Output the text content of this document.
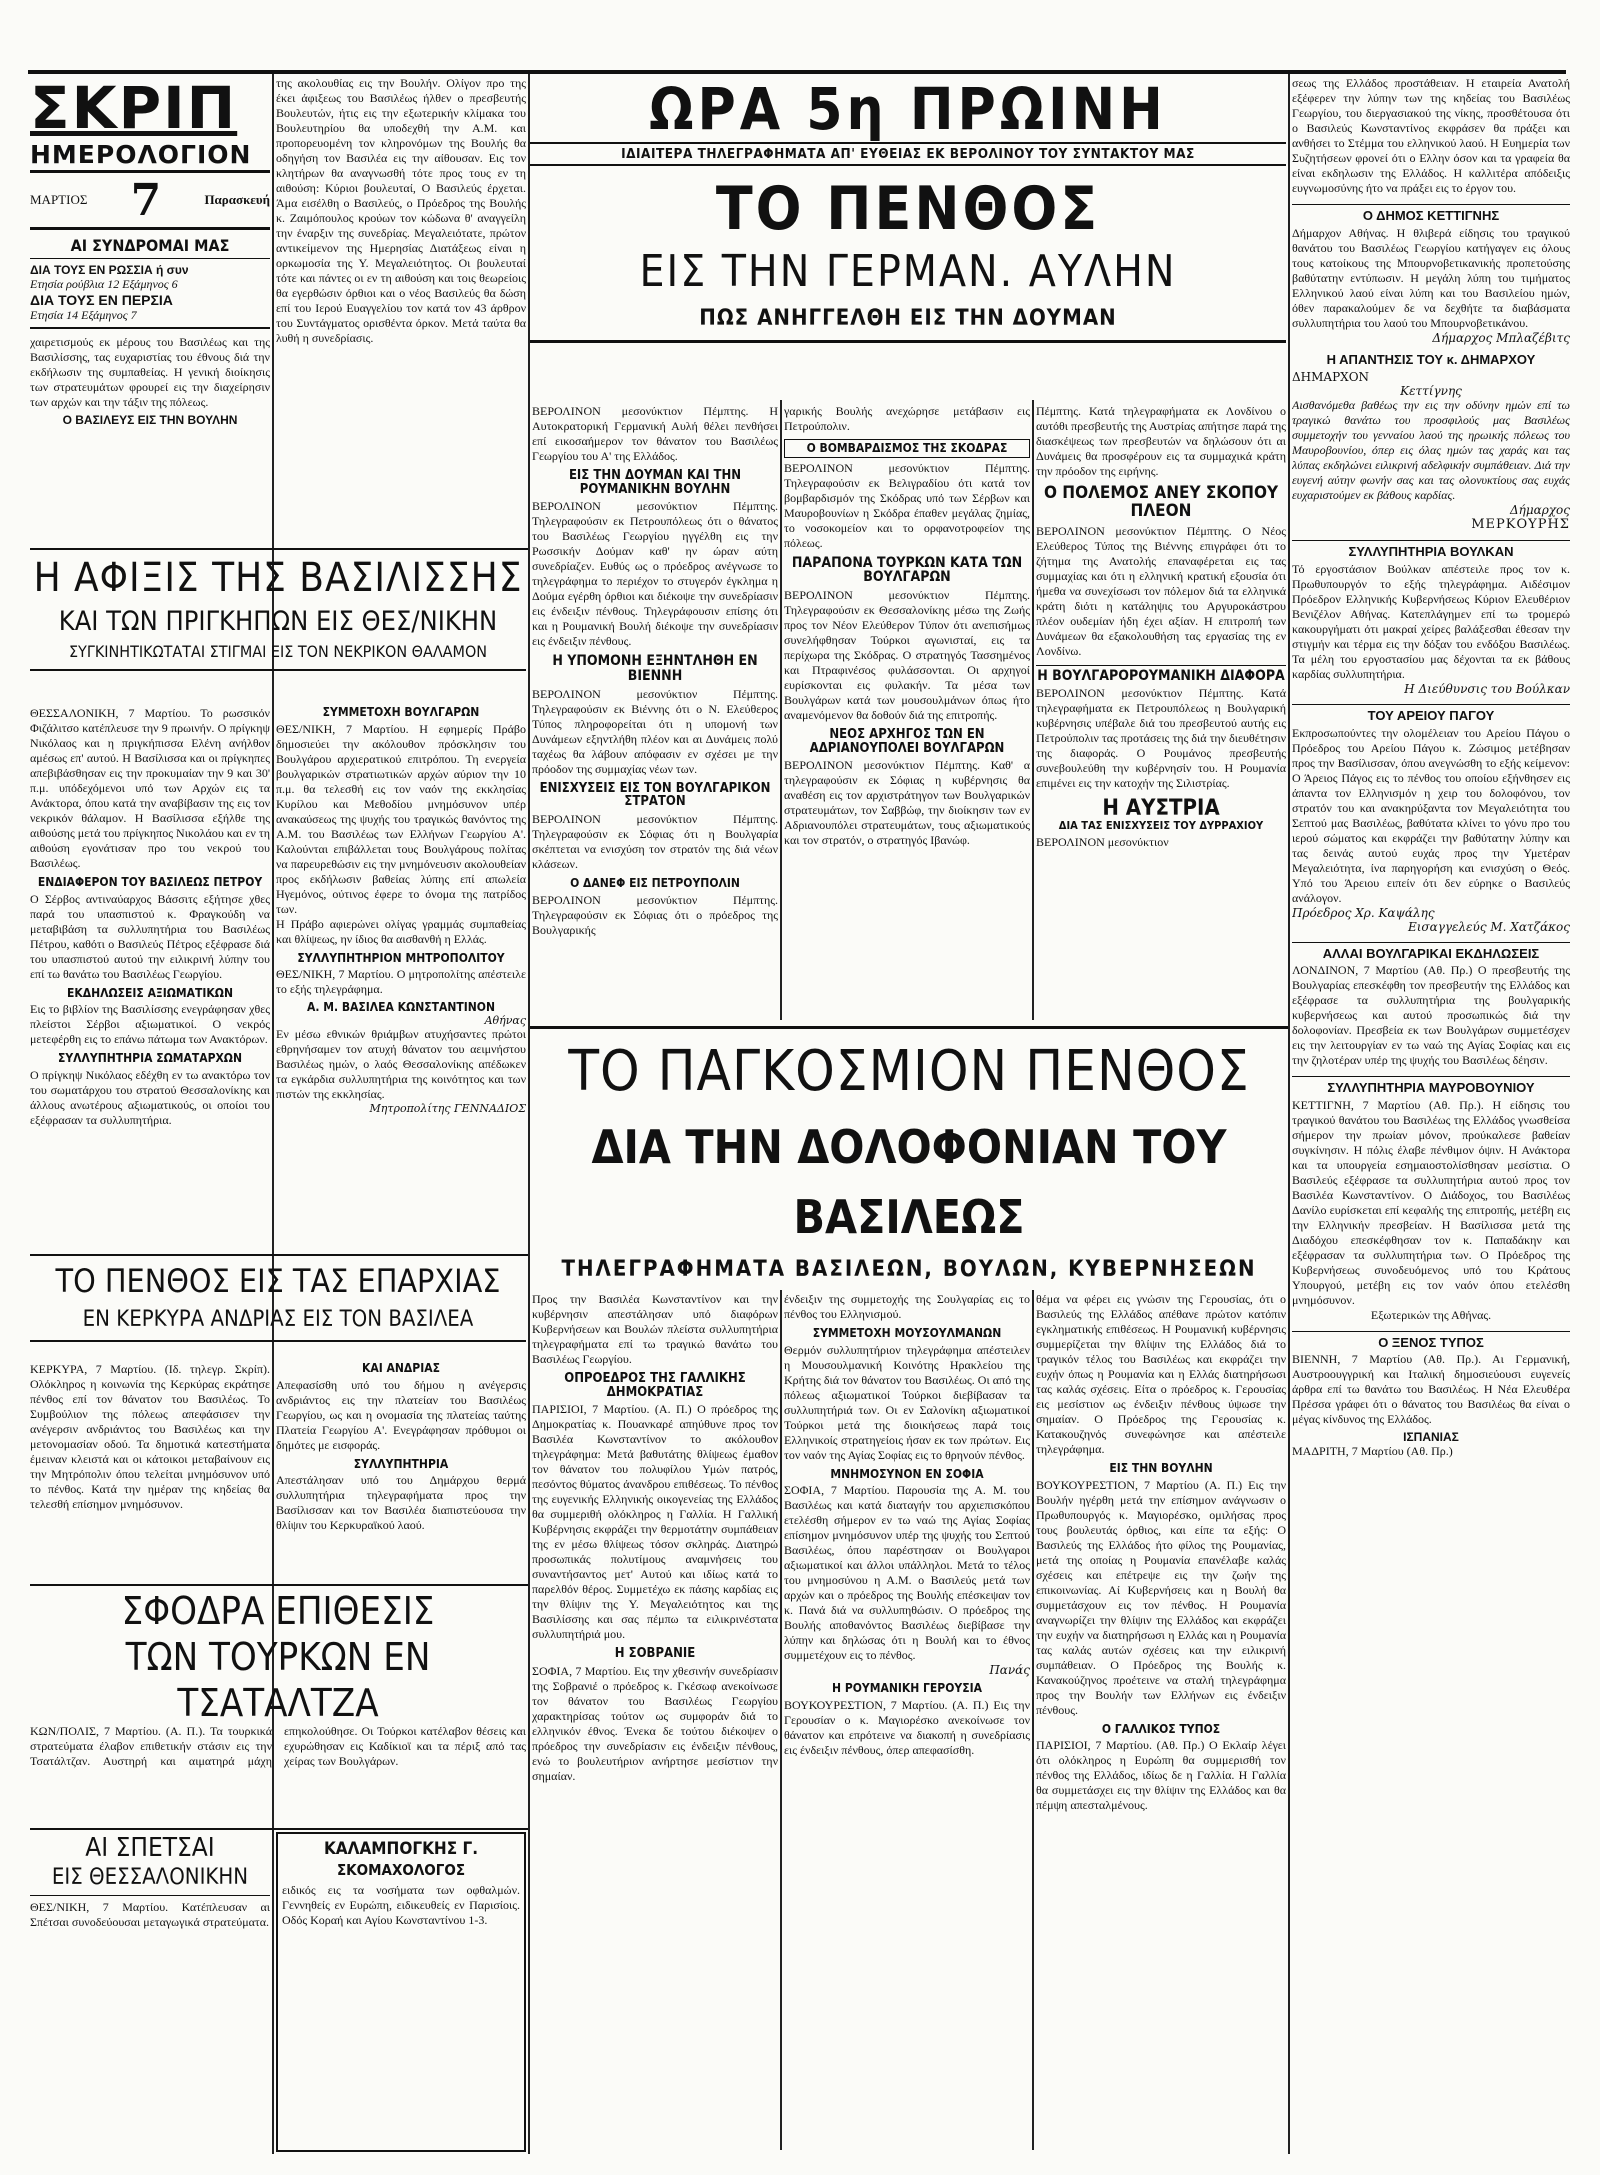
ΣΚΡΙΠ
ΗΜΕΡΟΛΟΓΙΟΝ
ΜΑΡΤΙΟΣ 7	Παρασκευή
ΑΙ ΣΥΝΔΡΟΜΑΙ ΜΑΣ
ΔΙΑ ΤΟΥΣ ΕΝ ΡΩΣΣΙΑ ή συν
Ετησία ρούβλια 12 Εξάμηνος 6
ΔΙΑ ΤΟΥΣ ΕΝ ΠΕΡΣΙΑ
Ετησία 14 Εξάμηνος 7

χαιρετισμούς εκ μέρους του Βασιλέως και της Βασιλίσσης, τας ευχαριστίας του έθνους διά την εκδήλωσιν της συμπαθείας. Η γενική διοίκησις των στρατευμάτων φρουρεί εις την διαχείρησιν των αρχών και την τάξιν της πόλεως.

Ο ΒΑΣΙΛΕΥΣ ΕΙΣ ΤΗΝ ΒΟΥΛΗΝ

της ακολουθίας εις την Βουλήν. Ολίγον προ της έκει άφιξεως του Βασιλέως ήλθεν ο πρεσβευτής Βουλευτών, ήτις εις την εξωτερικήν κλίμακα του Βουλευτηρίου θα υποδεχθή την Α.Μ. και προπορευομένη τον κληρονόμων της Βουλής θα οδηγήση τον Βασιλέα εις την αίθουσαν. Εις τον κλητήρων θα αναγνωσθή τότε προς τους εν τη αιθούση: Κύριοι βουλευταί, Ο Βασιλεύς έρχεται. Άμα εισέλθη ο Βασιλεύς, ο Πρόεδρος της Βουλής κ. Ζαιμόπουλος κρούων τον κώδωνα θ' αναγγείλη την έναρξιν της συνεδρίας. Μεγαλειότατε, πρώτον αντικείμενον της Ημερησίας Διατάξεως είναι η ορκωμοσία της Υ. Μεγαλειότητος. Οι βουλευταί τότε και πάντες οι εν τη αιθούση και τοις θεωρείοις θα εγερθώσιν όρθιοι και ο νέος Βασιλεύς θα δώση επί του Ιερού Ευαγγελίου τον κατά τον 43 άρθρον του Συντάγματος ορισθέντα όρκον. Μετά ταύτα θα λυθή η συνεδρίασις.

ΩΡΑ 5η ΠΡΩΙΝΗ
ΙΔΙΑΙΤΕΡΑ ΤΗΛΕΓΡΑΦΗΜΑΤΑ ΑΠ' ΕΥΘΕΙΑΣ ΕΚ ΒΕΡΟΛΙΝΟΥ ΤΟΥ ΣΥΝΤΑΚΤΟΥ ΜΑΣ
ΤΟ ΠΕΝΘΟΣ
ΕΙΣ ΤΗΝ ΓΕΡΜΑΝ. ΑΥΛΗΝ
ΠΩΣ ΑΝΗΓΓΕΛΘΗ ΕΙΣ ΤΗΝ ΔΟΥΜΑΝ

σεως της Ελλάδος προστάθειαν. Η εταιρεία Ανατολή εξέφερεν την λύπην των της κηδείας του Βασιλέως Γεωργίου, του διεργασιακού της νίκης, προσθέτουσα ότι ο Βασιλεύς Κωνσταντίνος εκφράσεν θα πράξει και ανθήσει το Στέμμα του ελληνικού λαού. Η Ευημερία των Συζητήσεων φρονεί ότι ο Ελλην όσον και τα γραφεία θα είναι εκδηλωσιν της Ελλάδος. Η καλλιτέρα απόδειξις ευγνωμοσύνης ήτο να πράξει εις το έργον του.

Ο ΔΗΜΟΣ ΚΕΤΤΙΓΝΗΣ

Δήμαρχον Αθήνας. Η θλιβερά είδησις του τραγικού θανάτου του Βασιλέως Γεωργίου κατήγαγεν εις όλους τους κατοίκους της Μπουρνοβετικανικής προπετούσης βαθύτατην εντύπωσιν. Η μεγάλη λύπη του τιμήματος Ελληνικού λαού είναι λύπη και του Βασιλείου ημών, όθεν παρακαλούμεν δε να δεχθήτε τα διαβάσματα συλλυπητήρια του λαού του Μπουρνοβετικάνου.

Δήμαρχος Μπλαζέβιτς
Η ΑΠΑΝΤΗΣΙΣ ΤΟΥ κ. ΔΗΜΑΡΧΟΥ
ΔΗΜΑΡΧΟΝ
Κεττίγνης

Αισθανόμεθα βαθέως την εις την οδύνην ημών επί τω τραγικώ θανάτω του προσφιλούς μας Βασιλέως συμμετοχήν του γενναίου λαού της ηρωικής πόλεως του Μαυροβουνίου, όπερ εις όλας ημών τας χαράς και τας λύπας εκδηλώνει ειλικρινή αδελφικήν συμπάθειαν. Διά την ευγενή αύτην φωνήν σας και τας ολονυκτίους σας ευχάς ευχαριστούμεν εκ βάθους καρδίας.

Δήμαρχος
ΜΕΡΚΟΥΡΗΣ
ΣΥΛΛΥΠΗΤΗΡΙΑ ΒΟΥΛΚΑΝ

Τό εργοστάσιον Βούλκαν απέστειλε προς τον κ. Πρωθυπουργόν το εξής τηλεγράφημα. Αιδέσιμον Πρόεδρον Ελληνικής Κυβερνήσεως Κύριον Ελευθέριον Βενιζέλον Αθήνας. Κατεπλάγημεν επί τω τρομερώ κακουργήματι ότι μακραί χείρες βαλάξεσθαι έθεσαν την στιγμήν και τέρμα εις την δόξαν του ενδόξου Βασιλέως. Τα μέλη του εργοστασίου μας δέχονται τα εκ βάθους καρδίας συλλυπητήρια.

Η Διεύθυνσις του Βούλκαν
ΤΟΥ ΑΡΕΙΟΥ ΠΑΓΟΥ

Εκπροσωπούντες την ολομέλειαν του Αρείου Πάγου ο Πρόεδρος του Αρείου Πάγου κ. Ζώσιμος μετέβησαν προς την Βασίλισσαν, όπου ανεγνώσθη το εξής κείμενον: Ο Άρειος Πάγος εις το πένθος του οποίου εξήνθησεν εις άπαντα τον Ελληνισμόν η χειρ του δολοφόνου, τον στρατόν του και ανακηρύξαντα τον Μεγαλειότητα του Σεπτού μας Βασιλέως, βαθύτατα κλίνει το γόνυ προ του ιερού σώματος και εκφράζει την βαθύτατην λύπην και τας δεινάς αυτού ευχάς προς την Υμετέραν Μεγαλειότητα, ίνα παρηγορήση και ενισχύση ο Θεός. Υπό του Άρειου ειπείν ότι δεν εύρηκε ο Βασιλεύς ανάλογον.

Πρόεδρος Χρ. Καψάλης
Εισαγγελεύς Μ. Χατζάκος
ΑΛΛΑΙ ΒΟΥΛΓΑΡΙΚΑΙ ΕΚΔΗΛΩΣΕΙΣ

ΛΟΝΔΙΝΟΝ, 7 Μαρτίου (Αθ. Πρ.) Ο πρεσβευτής της Βουλγαρίας επεσκέφθη τον πρεσβευτήν της Ελλάδος και εξέφρασε τα συλλυπητήρια της βουλγαρικής κυβερνήσεως και αυτού προσωπικώς διά την δολοφονίαν. Πρεσβεία εκ των Βουλγάρων συμμετέσχεν εις την λειτουργίαν εν τω ναώ της Αγίας Σοφίας και εις την ζηλοτέραν υπέρ της ψυχής του Βασιλέως δέησιν.

ΣΥΛΛΥΠΗΤΗΡΙΑ ΜΑΥΡΟΒΟΥΝΙΟΥ

ΚΕΤΤΙΓΝΗ, 7 Μαρτίου (Αθ. Πρ.). Η είδησις του τραγικού θανάτου του Βασιλέως της Ελλάδος γνωσθείσα σήμερον την πρωίαν μόνον, προύκαλεσε βαθείαν συγκίνησιν. Η πόλις έλαβε πένθιμον όψιν. Η Ανάκτορα και τα υπουργεία εσημαιοστολίσθησαν μεσίστια. Ο Βασιλεύς εξέφρασε τα συλλυπητήρια αυτού προς τον Βασιλέα Κωνσταντίνον. Ο Διάδοχος, του Βασιλέως Δανίλο ευρίσκεται επί κεφαλής της επιτροπής, μετέβη εις την Ελληνικήν πρεσβείαν. Η Βασίλισσα μετά της Διαδόχου επεσκέφθησαν τον κ. Παπαδάκην και εξέφρασαν τα συλλυπητήρια των. Ο Πρόεδρος της Κυβερνήσεως συνοδευόμενος υπό του Κράτους Υπουργού, μετέβη εις τον ναόν όπου ετελέσθη μνημόσυνον.

Εξωτερικών της Αθήνας.

Ο ΞΕΝΟΣ ΤΥΠΟΣ

ΒΙΕΝΝΗ, 7 Μαρτίου (Αθ. Πρ.). Αι Γερμανική, Αυστροουγγρική και Ιταλική δημοσιεύουσι ευγενείς άρθρα επί τω θανάτω του Βασιλέως. Η Νέα Ελευθέρα Πρέσσα γράφει ότι ο θάνατος του Βασιλέως θα είναι ο μέγας κίνδυνος της Ελλάδος.

ΙΣΠΑΝΙΑΣ

ΜΑΔΡΙΤΗ, 7 Μαρτίου (Αθ. Πρ.)

ΒΕΡΟΛΙΝΟΝ μεσονύκτιον Πέμπτης. Η Αυτοκρατορική Γερμανική Αυλή θέλει πενθήσει επί εικοσαήμερον τον θάνατον του Βασιλέως Γεωργίου του Α' της Ελλάδος.

ΕΙΣ ΤΗΝ ΔΟΥΜΑΝ ΚΑΙ ΤΗΝ ΡΟΥΜΑΝΙΚΗΝ ΒΟΥΛΗΝ

ΒΕΡΟΛΙΝΟΝ μεσονύκτιον Πέμπτης. Τηλεγραφούσιν εκ Πετρουπόλεως ότι ο θάνατος του Βασιλέως Γεωργίου ηγγέλθη εις την Ρωσσικήν Δούμαν καθ' ην ώραν αύτη συνεδρίαζεν. Ευθύς ως ο πρόεδρος ανέγνωσε το τηλεγράφημα το περιέχον το στυγερόν έγκλημα η Δούμα εγέρθη όρθιοι και διέκοψε την συνεδρίασιν εις ένδειξιν πένθους. Τηλεγράφουσιν επίσης ότι και η Ρουμανική Βουλή διέκοψε την συνεδρίασιν εις ένδειξιν πένθους.

Η ΥΠΟΜΟΝΗ ΕΞΗΝΤΛΗΘΗ ΕΝ ΒΙΕΝΝΗ

ΒΕΡΟΛΙΝΟΝ μεσονύκτιον Πέμπτης. Τηλεγραφούσιν εκ Βιέννης ότι ο Ν. Ελεύθερος Τύπος πληροφορείται ότι η υπομονή των Δυνάμεων εξηντλήθη πλέον και αι Δυνάμεις πολύ ταχέως θα λάβουν απόφασιν εν σχέσει με την πρόοδον της συμμαχίας νέων των.

ΕΝΙΣΧΥΣΕΙΣ ΕΙΣ ΤΟΝ ΒΟΥΛΓΑΡΙΚΟΝ ΣΤΡΑΤΟΝ

ΒΕΡΟΛΙΝΟΝ μεσονύκτιον Πέμπτης. Τηλεγραφούσιν εκ Σόφιας ότι η Βουλγαρία σκέπτεται να ενισχύση τον στρατόν της διά νέων κλάσεων.

Ο ΔΑΝΕΦ ΕΙΣ ΠΕΤΡΟΥΠΟΛΙΝ

ΒΕΡΟΛΙΝΟΝ μεσονύκτιον Πέμπτης. Τηλεγραφούσιν εκ Σόφιας ότι ο πρόεδρος της Βουλγαρικής

γαρικής Βουλής ανεχώρησε μετάβασιν εις Πετρούπολιν.

Ο ΒΟΜΒΑΡΔΙΣΜΟΣ ΤΗΣ ΣΚΟΔΡΑΣ

ΒΕΡΟΛΙΝΟΝ μεσονύκτιον Πέμπτης. Τηλεγραφούσιν εκ Βελιγραδίου ότι κατά τον βομβαρδισμόν της Σκόδρας υπό των Σέρβων και Μαυροβουνίων η Σκόδρα έπαθεν μεγάλας ζημίας, το νοσοκομείον και το ορφανοτροφείον της πόλεως.

ΠΑΡΑΠΟΝΑ ΤΟΥΡΚΩΝ ΚΑΤΑ ΤΩΝ ΒΟΥΛΓΑΡΩΝ

ΒΕΡΟΛΙΝΟΝ μεσονύκτιον Πέμπτης. Τηλεγραφούσιν εκ Θεσσαλονίκης μέσω της Ζωής προς τον Νέον Ελεύθερον Τύπον ότι ανεπισήμως συνελήφθησαν Τούρκοι αγωνισταί, εις τα περίχωρα της Σκόδρας. Ο στρατηγός Τασσημένος και Πτραφινέσος φυλάσσονται. Οι αρχηγοί ευρίσκονται εις φυλακήν. Τα μέσα των Βουλγάρων κατά των μουσουλμάνων όπως ήτο αναμενόμενον θα δοθούν διά της επιτροπής.

ΝΕΟΣ ΑΡΧΗΓΟΣ ΤΩΝ ΕΝ ΑΔΡΙΑΝΟΥΠΟΛΕΙ ΒΟΥΛΓΑΡΩΝ

ΒΕΡΟΛΙΝΟΝ μεσονύκτιον Πέμπτης. Καθ' α τηλεγραφούσιν εκ Σόφιας η κυβέρνησις θα αναθέση εις τον αρχιστράτηγον των Βουλγαρικών στρατευμάτων, τον Σαββώφ, την διοίκησιν των εν Αδριανουπόλει στρατευμάτων, τους αξιωματικούς και τον στρατόν, ο στρατηγός Ιβανώφ.

Πέμπτης. Κατά τηλεγραφήματα εκ Λονδίνου ο αυτόθι πρεσβευτής της Αυστρίας απήτησε παρά της διασκέψεως των πρεσβευτών να δηλώσουν ότι αι Δυνάμεις θα προσφέρουν εις τα συμμαχικά κράτη την πρόοδον της ειρήνης.

Ο ΠΟΛΕΜΟΣ ΑΝΕΥ ΣΚΟΠΟΥ ΠΛΕΟΝ

ΒΕΡΟΛΙΝΟΝ μεσονύκτιον Πέμπτης. Ο Νέος Ελεύθερος Τύπος της Βιέννης επιγράφει ότι το ζήτημα της Ανατολής επαναφέρεται εις τας συμμαχίας και ότι η ελληνική κρατική εξουσία ότι ήμεθα να συνεχίσωσι τον πόλεμον διά τα ελληνικά κράτη διότι η κατάληψις του Αργυροκάστρου πλέον ουδεμίαν ήδη έχει αξίαν. Η επιτροπή των Δυνάμεων θα εξακολουθήση τας εργασίας της εν Λονδίνω.

Η ΒΟΥΛΓΑΡΟΡΟΥΜΑΝΙΚΗ ΔΙΑΦΟΡΑ

ΒΕΡΟΛΙΝΟΝ μεσονύκτιον Πέμπτης. Κατά τηλεγραφήματα εκ Πετρουπόλεως η Βουλγαρική κυβέρνησις υπέβαλε διά του πρεσβευτού αυτής εις Πετρούπολιν τας προτάσεις της διά την διευθέτησιν της διαφοράς. Ο Ρουμάνος πρεσβευτής συνεβουλεύθη την κυβέρνησίν του. Η Ρουμανία επιμένει εις την κατοχήν της Σιλιστρίας.

Η ΑΥΣΤΡΙΑ
ΔΙΑ ΤΑΣ ΕΝΙΣΧΥΣΕΙΣ ΤΟΥ ΔΥΡΡΑΧΙΟΥ

ΒΕΡΟΛΙΝΟΝ μεσονύκτιον

Η ΑΦΙΞΙΣ ΤΗΣ ΒΑΣΙΛΙΣΣΗΣ
ΚΑΙ ΤΩΝ ΠΡΙΓΚΗΠΩΝ ΕΙΣ ΘΕΣ/ΝΙΚΗΝ
ΣΥΓΚΙΝΗΤΙΚΩΤΑΤΑΙ ΣΤΙΓΜΑΙ ΕΙΣ ΤΟΝ ΝΕΚΡΙΚΟΝ ΘΑΛΑΜΟΝ

ΘΕΣΣΑΛΟΝΙΚΗ, 7 Μαρτίου. Το ρωσσικόν Φιζάλιτσο κατέπλευσε την 9 πρωινήν. Ο πρίγκηψ Νικόλαος και η πριγκήπισσα Ελένη ανήλθον αμέσως επ' αυτού. Η Βασίλισσα και οι πρίγκηπες απεβιβάσθησαν εις την προκυμαίαν την 9 και 30' π.μ. υπόδεχόμενοι υπό των Αρχών εις τα Ανάκτορα, όπου κατά την αναβίβασιν της εις τον νεκρικόν θάλαμον. Η Βασίλισσα εξήλθε της αιθούσης μετά του πρίγκηπος Νικολάου και εν τη αιθούση εγονάτισαν προ του νεκρού του Βασιλέως.

ΕΝΔΙΑΦΕΡΟΝ ΤΟΥ ΒΑΣΙΛΕΩΣ ΠΕΤΡΟΥ

Ο Σέρβος αντιναύαρχος Βάσσιτς εξήτησε χθες παρά του υπασπιστού κ. Φραγκούδη να μεταβιβάση τα συλλυπητήρια του Βασιλέως Πέτρου, καθότι ο Βασιλεύς Πέτρος εξέφρασε διά του υπασπιστού αυτού την ειλικρινή λύπην του επί τω θανάτω του Βασιλέως Γεωργίου.

ΕΚΔΗΛΩΣΕΙΣ ΑΞΙΩΜΑΤΙΚΩΝ

Εις το βιβλίον της Βασιλίσσης ενεγράφησαν χθες πλείστοι Σέρβοι αξιωματικοί. Ο νεκρός μετεφέρθη εις το επάνω πάτωμα των Ανακτόρων.

ΣΥΛΛΥΠΗΤΗΡΙΑ ΣΩΜΑΤΑΡΧΩΝ

Ο πρίγκηψ Νικόλαος εδέχθη εν τω ανακτόρω τον του σωματάρχου του στρατού Θεσσαλονίκης και άλλους ανωτέρους αξιωματικούς, οι οποίοι του εξέφρασαν τα συλλυπητήρια.

ΣΥΜΜΕΤΟΧΗ ΒΟΥΛΓΑΡΩΝ

ΘΕΣ/ΝΙΚΗ, 7 Μαρτίου. Η εφημερίς Πράβο δημοσιεύει την ακόλουθον πρόσκλησιν του Βουλγάρου αρχιερατικού επιτρόπου. Τη ενεργεία βουλγαρικών στρατιωτικών αρχών αύριον την 10 π.μ. θα τελεσθή εις τον ναόν της εκκλησίας Κυρίλου και Μεθοδίου μνημόσυνον υπέρ ανακαύσεως της ψυχής του τραγικώς θανόντος της Α.Μ. του Βασιλέως των Ελλήνων Γεωργίου Α'. Καλούνται επιβάλλεται τους Βουλγάρους πολίτας να παρευρεθώσιν εις την μνημόνευσιν ακολουθείαν προς εκδήλωσιν βαθείας λύπης επί απωλεία Ηγεμόνος, ούτινος έφερε το όνομα της πατρίδος των.

Η Πράβο αφιερώνει ολίγας γραμμάς συμπαθείας και θλίψεως, ην ίδιος θα αισθανθή η Ελλάς.

ΣΥΛΛΥΠΗΤΗΡΙΟΝ ΜΗΤΡΟΠΟΛΙΤΟΥ

ΘΕΣ/ΝΙΚΗ, 7 Μαρτίου. Ο μητροπολίτης απέστειλε το εξής τηλεγράφημα.

Α. Μ. ΒΑΣΙΛΕΑ ΚΩΝΣΤΑΝΤΙΝΟΝ
Αθήνας

Εν μέσω εθνικών θριάμβων ατυχήσαντες πρώτοι εθρηνήσαμεν τον ατυχή θάνατον του αειμνήστου Βασιλέως ημών, ο λαός Θεσσαλονίκης απέδωκεν τα εγκάρδια συλλυπητήρια της κοινότητος και των πιστών της εκκλησίας.

Μητροπολίτης ΓΕΝΝΑΔΙΟΣ
ΤΟ ΠΕΝΘΟΣ ΕΙΣ ΤΑΣ ΕΠΑΡΧΙΑΣ
ΕΝ ΚΕΡΚΥΡΑ ΑΝΔΡΙΑΣ ΕΙΣ ΤΟΝ ΒΑΣΙΛΕΑ

ΚΕΡΚΥΡΑ, 7 Μαρτίου. (Ιδ. τηλεγρ. Σκρίπ). Ολόκληρος η κοινωνία της Κερκύρας εκράτησε πένθος επί τον θάνατον του Βασιλέως. Το Συμβούλιον της πόλεως απεφάσισεν την ανέγερσιν ανδριάντος του Βασιλέως και την μετονομασίαν οδού. Τα δημοτικά κατεστήματα έμειναν κλειστά και οι κάτοικοι μεταβαίνουν εις την Μητρόπολιν όπου τελείται μνημόσυνον υπό το πένθος. Κατά την ημέραν της κηδείας θα τελεσθή επίσημον μνημόσυνον.

ΚΑΙ ΑΝΔΡΙΑΣ

Απεφασίσθη υπό του δήμου η ανέγερσις ανδριάντος εις την πλατείαν του Βασιλέως Γεωργίου, ως και η ονομασία της πλατείας ταύτης Πλατεία Γεωργίου Α'. Ενεγράφησαν πρόθυμοι οι δημότες με εισφοράς.

ΣΥΛΛΥΠΗΤΗΡΙΑ

Απεστάλησαν υπό του Δημάρχου θερμά συλλυπητήρια τηλεγραφήματα προς την Βασίλισσαν και τον Βασιλέα διαπιστεύουσα την θλίψιν του Κερκυραϊκού λαού.

ΣΦΟΔΡΑ ΕΠΙΘΕΣΙΣ
ΤΩΝ ΤΟΥΡΚΩΝ ΕΝ ΤΣΑΤΑΛΤΖΑ

ΚΩΝ/ΠΟΛΙΣ, 7 Μαρτίου. (Α. Π.). Τα τουρκικά στρατεύματα έλαβον επιθετικήν στάσιν εις την Τσατάλτζαν. Αυστηρή και αιματηρά μάχη επηκολούθησε. Οι Τούρκοι κατέλαβον θέσεις και εχυρώθησαν εις Καδίκιοϊ και τα πέριξ από τας χείρας των Βουλγάρων.

ΑΙ ΣΠΕΤΣΑΙ
ΕΙΣ ΘΕΣΣΑΛΟΝΙΚΗΝ

ΘΕΣ/ΝΙΚΗ, 7 Μαρτίου. Κατέπλευσαν αι Σπέτσαι συνοδεύουσαι μεταγωγικά στρατεύματα.

ΚΑΛΑΜΠΟΓΚΗΣ Γ.
ΣΚΟΜΑΧΟΛΟΓΟΣ

ειδικός εις τα νοσήματα των οφθαλμών. Γεννηθείς εν Ευρώπη, ειδικευθείς εν Παρισίοις. Οδός Κοραή και Αγίου Κωνσταντίνου 1-3.

ΤΟ ΠΑΓΚΟΣΜΙΟΝ ΠΕΝΘΟΣ
ΔΙΑ ΤΗΝ ΔΟΛΟΦΟΝΙΑΝ ΤΟΥ ΒΑΣΙΛΕΩΣ
ΤΗΛΕΓΡΑΦΗΜΑΤΑ ΒΑΣΙΛΕΩΝ, ΒΟΥΛΩΝ, ΚΥΒΕΡΝΗΣΕΩΝ

Προς την Βασιλέα Κωνσταντίνον και την κυβέρνησιν απεστάλησαν υπό διαφόρων Κυβερνήσεων και Βουλών πλείστα συλλυπητήρια τηλεγραφήματα επί τω τραγικώ θανάτω του Βασιλέως Γεωργίου.

ΟΠΡΟΕΔΡΟΣ ΤΗΣ ΓΑΛΛΙΚΗΣ ΔΗΜΟΚΡΑΤΙΑΣ

ΠΑΡΙΣΙΟΙ, 7 Μαρτίου. (Α. Π.) Ο πρόεδρος της Δημοκρατίας κ. Πουανκαρέ απηύθυνε προς τον Βασιλέα Κωνσταντίνον το ακόλουθον τηλεγράφημα: Μετά βαθυτάτης θλίψεως έμαθον τον θάνατον του πολυφίλου Υμών πατρός, πεσόντος θύματος άνανδρου επιθέσεως. Το πένθος της ευγενικής Ελληνικής οικογενείας της Ελλάδος θα συμμεριθή ολόκληρος η Γαλλία. Η Γαλλική Κυβέρνησις εκφράζει την θερμοτάτην συμπάθειαν της εν μέσω θλίψεως τόσον σκληράς. Διατηρώ προσωπικάς πολυτίμους αναμνήσεις του συναντήσαντος μετ' Αυτού και ιδίως κατά το παρελθόν θέρος. Συμμετέχω εκ πάσης καρδίας εις την θλίψιν της Υ. Μεγαλειότητος και της Βασιλίσσης και σας πέμπω τα ειλικρινέστατα συλλυπητήριά μου.

Η ΣΟΒΡΑΝΙΕ

ΣΟΦΙΑ, 7 Μαρτίου. Εις την χθεσινήν συνεδρίασιν της Σοβρανιέ ο πρόεδρος κ. Γκέσωφ ανεκοίνωσε τον θάνατον του Βασιλέως Γεωργίου χαρακτηρίσας τούτον ως συμφοράν διά το ελληνικόν έθνος. Ένεκα δε τούτου διέκοψεν ο πρόεδρος την συνεδρίασιν εις ένδειξιν πένθους, ενώ το βουλευτήριον ανήρτησε μεσίστιον την σημαίαν.

ένδειξιν της συμμετοχής της Σουλγαρίας εις το πένθος του Ελληνισμού.

ΣΥΜΜΕΤΟΧΗ ΜΟΥΣΟΥΛΜΑΝΩΝ

Θερμόν συλλυπητήριον τηλεγράφημα απέστειλεν η Μουσουλμανική Κοινότης Ηρακλείου της Κρήτης διά τον θάνατον του Βασιλέως. Οι από της πόλεως αξιωματικοί Τούρκοι διεβίβασαν τα συλλυπητήριά των. Οι εν Σαλονίκη αξιωματικοί Τούρκοι μετά της διοικήσεως παρά τοις Ελληνικοίς στρατηγείοις ήσαν εκ των πρώτων. Εις τον ναόν της Αγίας Σοφίας εις το θρηνούν πένθος.

ΜΝΗΜΟΣΥΝΟΝ ΕΝ ΣΟΦΙΑ

ΣΟΦΙΑ, 7 Μαρτίου. Παρουσία της Α. Μ. του Βασιλέως και κατά διαταγήν του αρχιεπισκόπου ετελέσθη σήμερον εν τω ναώ της Αγίας Σοφίας επίσημον μνημόσυνον υπέρ της ψυχής του Σεπτού Βασιλέως, όπου παρέστησαν οι Βουλγαροι αξιωματικοί και άλλοι υπάλληλοι. Μετά το τέλος του μνημοσύνου η Α.Μ. ο Βασιλεύς μετά των αρχών και ο πρόεδρος της Βουλής επέσκεψαν τον κ. Πανά διά να συλλυπηθώσιν. Ο πρόεδρος της Βουλής αποθανόντος Βασιλέως διεβίβασε την λύπην και δηλώσας ότι η Βουλή και το έθνος συμμετέχουν εις το πένθος.

Πανάς
Η ΡΟΥΜΑΝΙΚΗ ΓΕΡΟΥΣΙΑ

ΒΟΥΚΟΥΡΕΣΤΙΟΝ, 7 Μαρτίου. (Α. Π.) Εις την Γερουσίαν ο κ. Μαγιορέσκο ανεκοίνωσε τον θάνατον και επρότεινε να διακοπή η συνεδρίασις εις ένδειξιν πένθους, όπερ απεφασίσθη.

θέμα να φέρει εις γνώσιν της Γερουσίας, ότι ο Βασιλεύς της Ελλάδος απέθανε πρώτον κατόπιν εγκληματικής επιθέσεως. Η Ρουμανική κυβέρνησις συμμερίζεται την θλίψιν της Ελλάδος διά το τραγικόν τέλος του Βασιλέως και εκφράζει την ευχήν όπως η Ρουμανία και η Ελλάς διατηρήσωσι τας καλάς σχέσεις. Είτα ο πρόεδρος κ. Γερουσίας εις μεσίστιον ως ένδειξιν πένθους ύψωσε την σημαίαν. Ο Πρόεδρος της Γερουσίας κ. Κατακουζηνός συνεφώνησε και απέστειλε τηλεγράφημα.

ΕΙΣ ΤΗΝ ΒΟΥΛΗΝ

ΒΟΥΚΟΥΡΕΣΤΙΟΝ, 7 Μαρτίου (Α. Π.) Εις την Βουλήν ηγέρθη μετά την επίσημον ανάγνωσιν ο Πρωθυπουργός κ. Μαγιορέσκο, ομιλήσας προς τους βουλευτάς όρθιος, και είπε τα εξής: Ο Βασιλεύς της Ελλάδος ήτο φίλος της Ρουμανίας, μετά της οποίας η Ρουμανία επανέλαβε καλάς σχέσεις και επέτρεψε εις την ζωήν της επικοινωνίας. Αί Κυβερνήσεις και η Βουλή θα συμμετάσχουν εις τον πένθος. Η Ρουμανία αναγνωρίζει την θλίψιν της Ελλάδος και εκφράζει την ευχήν να διατηρήσωσι η Ελλάς και η Ρουμανία τας καλάς αυτών σχέσεις και την ειλικρινή συμπάθειαν. Ο Πρόεδρος της Βουλής κ. Κανακούζηνος προέτεινε να σταλή τηλεγράφημα προς την Βουλήν των Ελλήνων εις ένδειξιν πένθους.

Ο ΓΑΛΛΙΚΟΣ ΤΥΠΟΣ

ΠΑΡΙΣΙΟΙ, 7 Μαρτίου. (Αθ. Πρ.) Ο Εκλαίρ λέγει ότι ολόκληρος η Ευρώπη θα συμμερισθή τον πένθος της Ελλάδος, ιδίως δε η Γαλλία. Η Γαλλία θα συμμετάσχει εις την θλίψιν της Ελλάδος και θα πέμψη απεσταλμένους.
